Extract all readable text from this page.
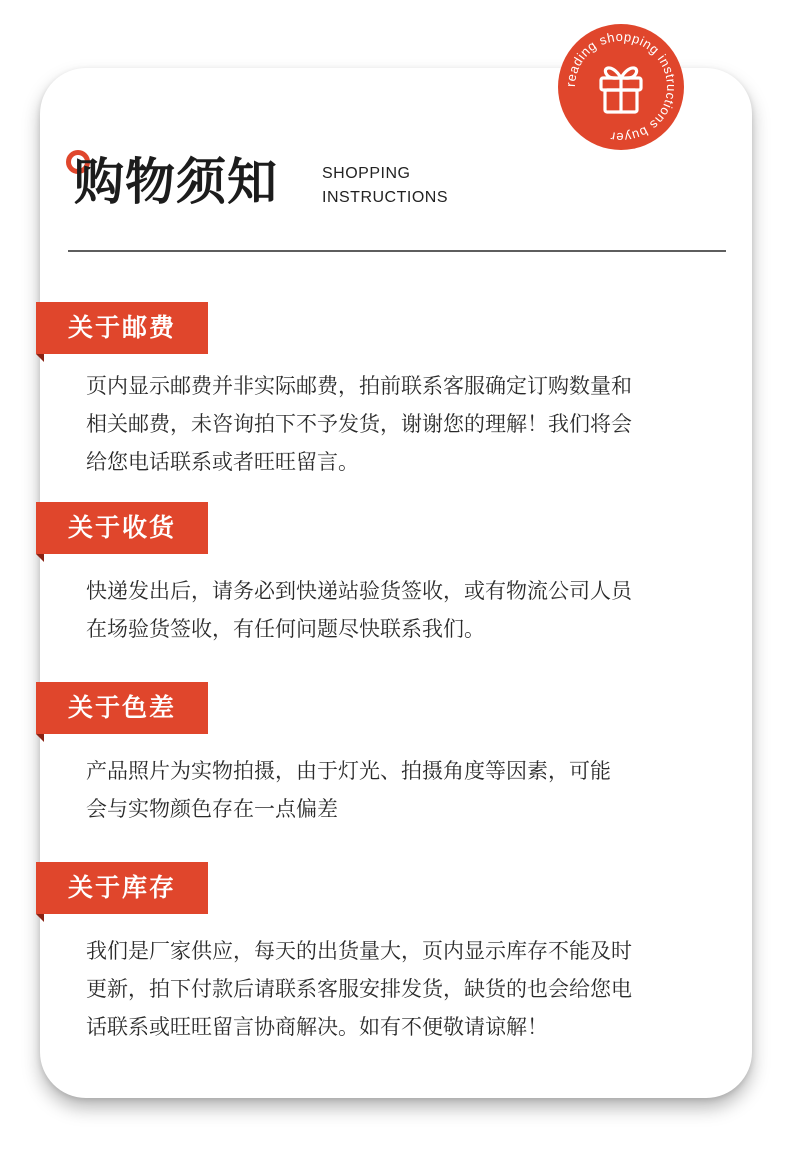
reading shopping instructions buyer
购物须知	SHOPPING
INSTRUCTIONS
关于邮费
页内显示邮费并非实际邮费，拍前联系客服确定订购数量和
相关邮费，未咨询拍下不予发货，谢谢您的理解！我们将会
给您电话联系或者旺旺留言。
关于收货
快递发出后，请务必到快递站验货签收，或有物流公司人员
在场验货签收，有任何问题尽快联系我们。
关于色差
产品照片为实物拍摄，由于灯光、拍摄角度等因素，可能
会与实物颜色存在一点偏差
关于库存
我们是厂家供应，每天的出货量大，页内显示库存不能及时
更新，拍下付款后请联系客服安排发货，缺货的也会给您电
话联系或旺旺留言协商解决。如有不便敬请谅解！
